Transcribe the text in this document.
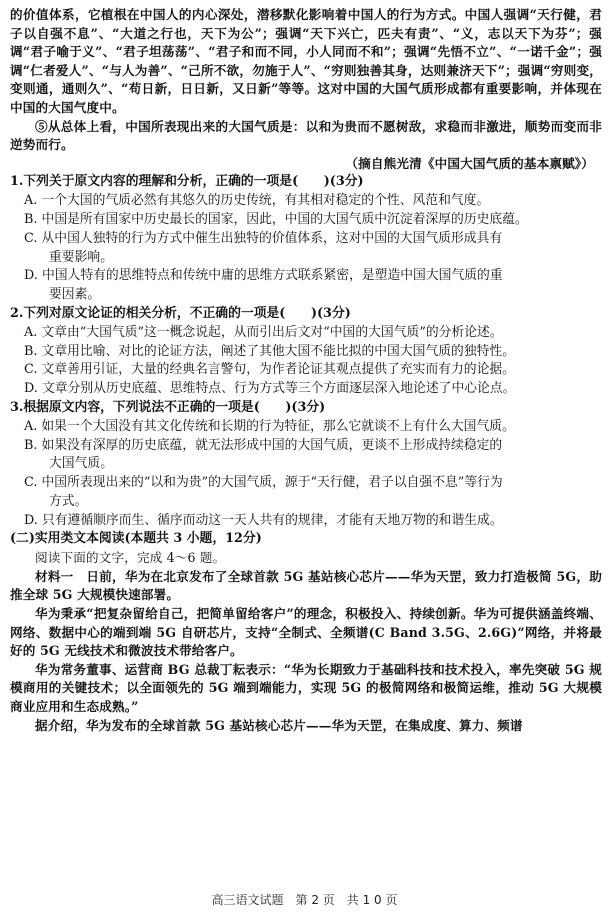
的价值体系，它植根在中国人的内心深处，潜移默化影响着中国人的行为方式。中国人强调“天行健，君子以自强不息”、“大道之行也，天下为公”；强调“天下兴亡，匹夫有责”、“义，志以天下为芬”；强调“君子喻于义”、“君子坦荡荡”、“君子和而不同，小人同而不和”；强调“先悟不立”、“一诺千金”；强调“仁者爱人”、“与人为善”、“己所不欲，勿施于人”、“穷则独善其身，达则兼济天下”；强调“穷则变，变则通，通则久”、“苟日新，日日新，又日新”等等。这对中国的大国气质形成都有重要影响，并体现在中国的大国气度中。

⑤从总体上看，中国所表现出来的大国气质是：以和为贵而不愿树敌，求稳而非激进，顺势而变而非逆势而行。

（摘自熊光清《中国大国气质的基本禀赋》）

1.下列关于原文内容的理解和分析，正确的一项是(　　)(3分)

A. 一个大国的气质必然有其悠久的历史传统，有其相对稳定的个性、风范和气度。

B. 中国是所有国家中历史最长的国家，因此，中国的大国气质中沉淀着深厚的历史底蕴。

C. 从中国人独特的行为方式中催生出独特的价值体系，这对中国的大国气质形成具有
重要影响。

D. 中国人特有的思维特点和传统中庸的思维方式联系紧密，是塑造中国大国气质的重
要因素。

2.下列对原文论证的相关分析，不正确的一项是(　　)(3分)

A. 文章由“大国气质”这一概念说起，从而引出后文对“中国的大国气质”的分析论述。

B. 文章用比喻、对比的论证方法，阐述了其他大国不能比拟的中国大国气质的独特性。

C. 文章善用引证，大量的经典名言警句，为作者论证其观点提供了充实而有力的论据。

D. 文章分别从历史底蕴、思维特点、行为方式等三个方面逐层深入地论述了中心论点。

3.根据原文内容，下列说法不正确的一项是(　　)(3分)

A. 如果一个大国没有其文化传统和长期的行为特征，那么它就谈不上有什么大国气质。

B. 如果没有深厚的历史底蕴，就无法形成中国的大国气质，更谈不上形成持续稳定的
大国气质。

C. 中国所表现出来的“以和为贵”的大国气质，源于“天行健，君子以自强不息”等行为
方式。

D. 只有遵循顺序而生、循序而动这一天人共有的规律，才能有天地万物的和谐生成。

(二)实用类文本阅读(本题共 3 小题，12分)

阅读下面的文字，完成 4～6 题。

材料一　日前，华为在北京发布了全球首款 5G 基站核心芯片——华为天罡，致力打造极简 5G，助推全球 5G 大规模快速部署。

华为秉承“把复杂留给自己，把简单留给客户”的理念，积极投入、持续创新。华为可提供涵盖终端、网络、数据中心的端到端 5G 自研芯片，支持“全制式、全频谱(C Band 3.5G、2.6G)”网络，并将最好的 5G 无线技术和微波技术带给客户。

华为常务董事、运营商 BG 总裁丁耘表示：“华为长期致力于基础科技和技术投入，率先突破 5G 规模商用的关键技术；以全面领先的 5G 端到端能力，实现 5G 的极简网络和极简运维，推动 5G 大规模商业应用和生态成熟。”

据介绍，华为发布的全球首款 5G 基站核心芯片——华为天罡，在集成度、算力、频谱

高三语文试题　第 2 页　共 1 0 页
